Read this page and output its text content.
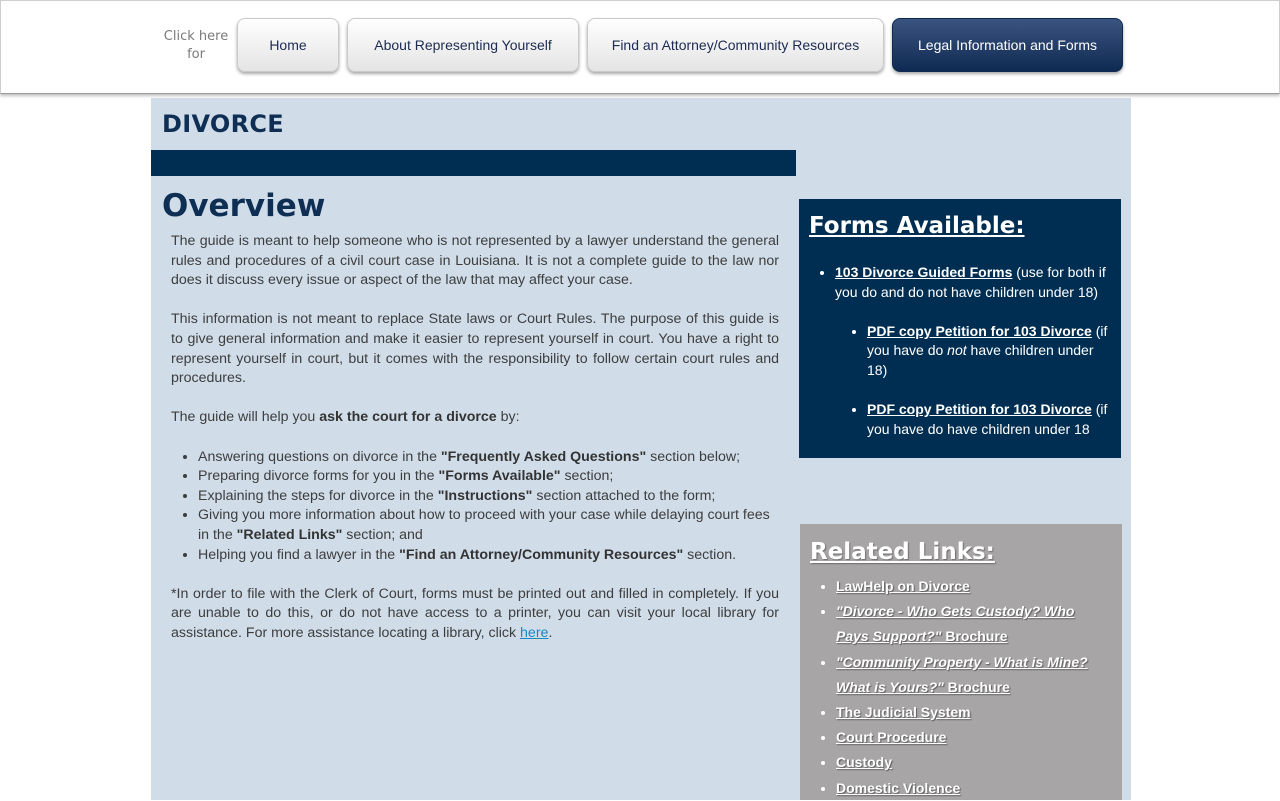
Click here
for
Home	About Representing Yourself	Find an Attorney/Community Resources	Legal Information and Forms
DIVORCE
Overview

The guide is meant to help someone who is not represented by a lawyer understand the general rules and procedures of a civil court case in Louisiana. It is not a complete guide to the law nor does it discuss every issue or aspect of the law that may affect your case.

This information is not meant to replace State laws or Court Rules. The purpose of this guide is to give general information and make it easier to represent yourself in court. You have a right to represent yourself in court, but it comes with the responsibility to follow certain court rules and procedures.

The guide will help you ask the court for a divorce by:

• Answering questions on divorce in the "Frequently Asked Questions" section below;
• Preparing divorce forms for you in the "Forms Available" section;
• Explaining the steps for divorce in the "Instructions" section attached to the form;
• Giving you more information about how to proceed with your case while delaying court fees in the "Related Links" section; and
• Helping you find a lawyer in the "Find an Attorney/Community Resources" section.

*In order to file with the Clerk of Court, forms must be printed out and filled in completely. If you are unable to do this, or do not have access to a printer, you can visit your local library for assistance. For more assistance locating a library, click here.

Forms Available:
• 103 Divorce Guided Forms (use for both if you do and do not have children under 18)
• PDF copy Petition for 103 Divorce (if you have do not have children under 18)
• PDF copy Petition for 103 Divorce (if you have do have children under 18
Related Links:
• LawHelp on Divorce
• "Divorce - Who Gets Custody? Who Pays Support?" Brochure
• "Community Property - What is Mine? What is Yours?" Brochure
• The Judicial System
• Court Procedure
• Custody
• Domestic Violence
